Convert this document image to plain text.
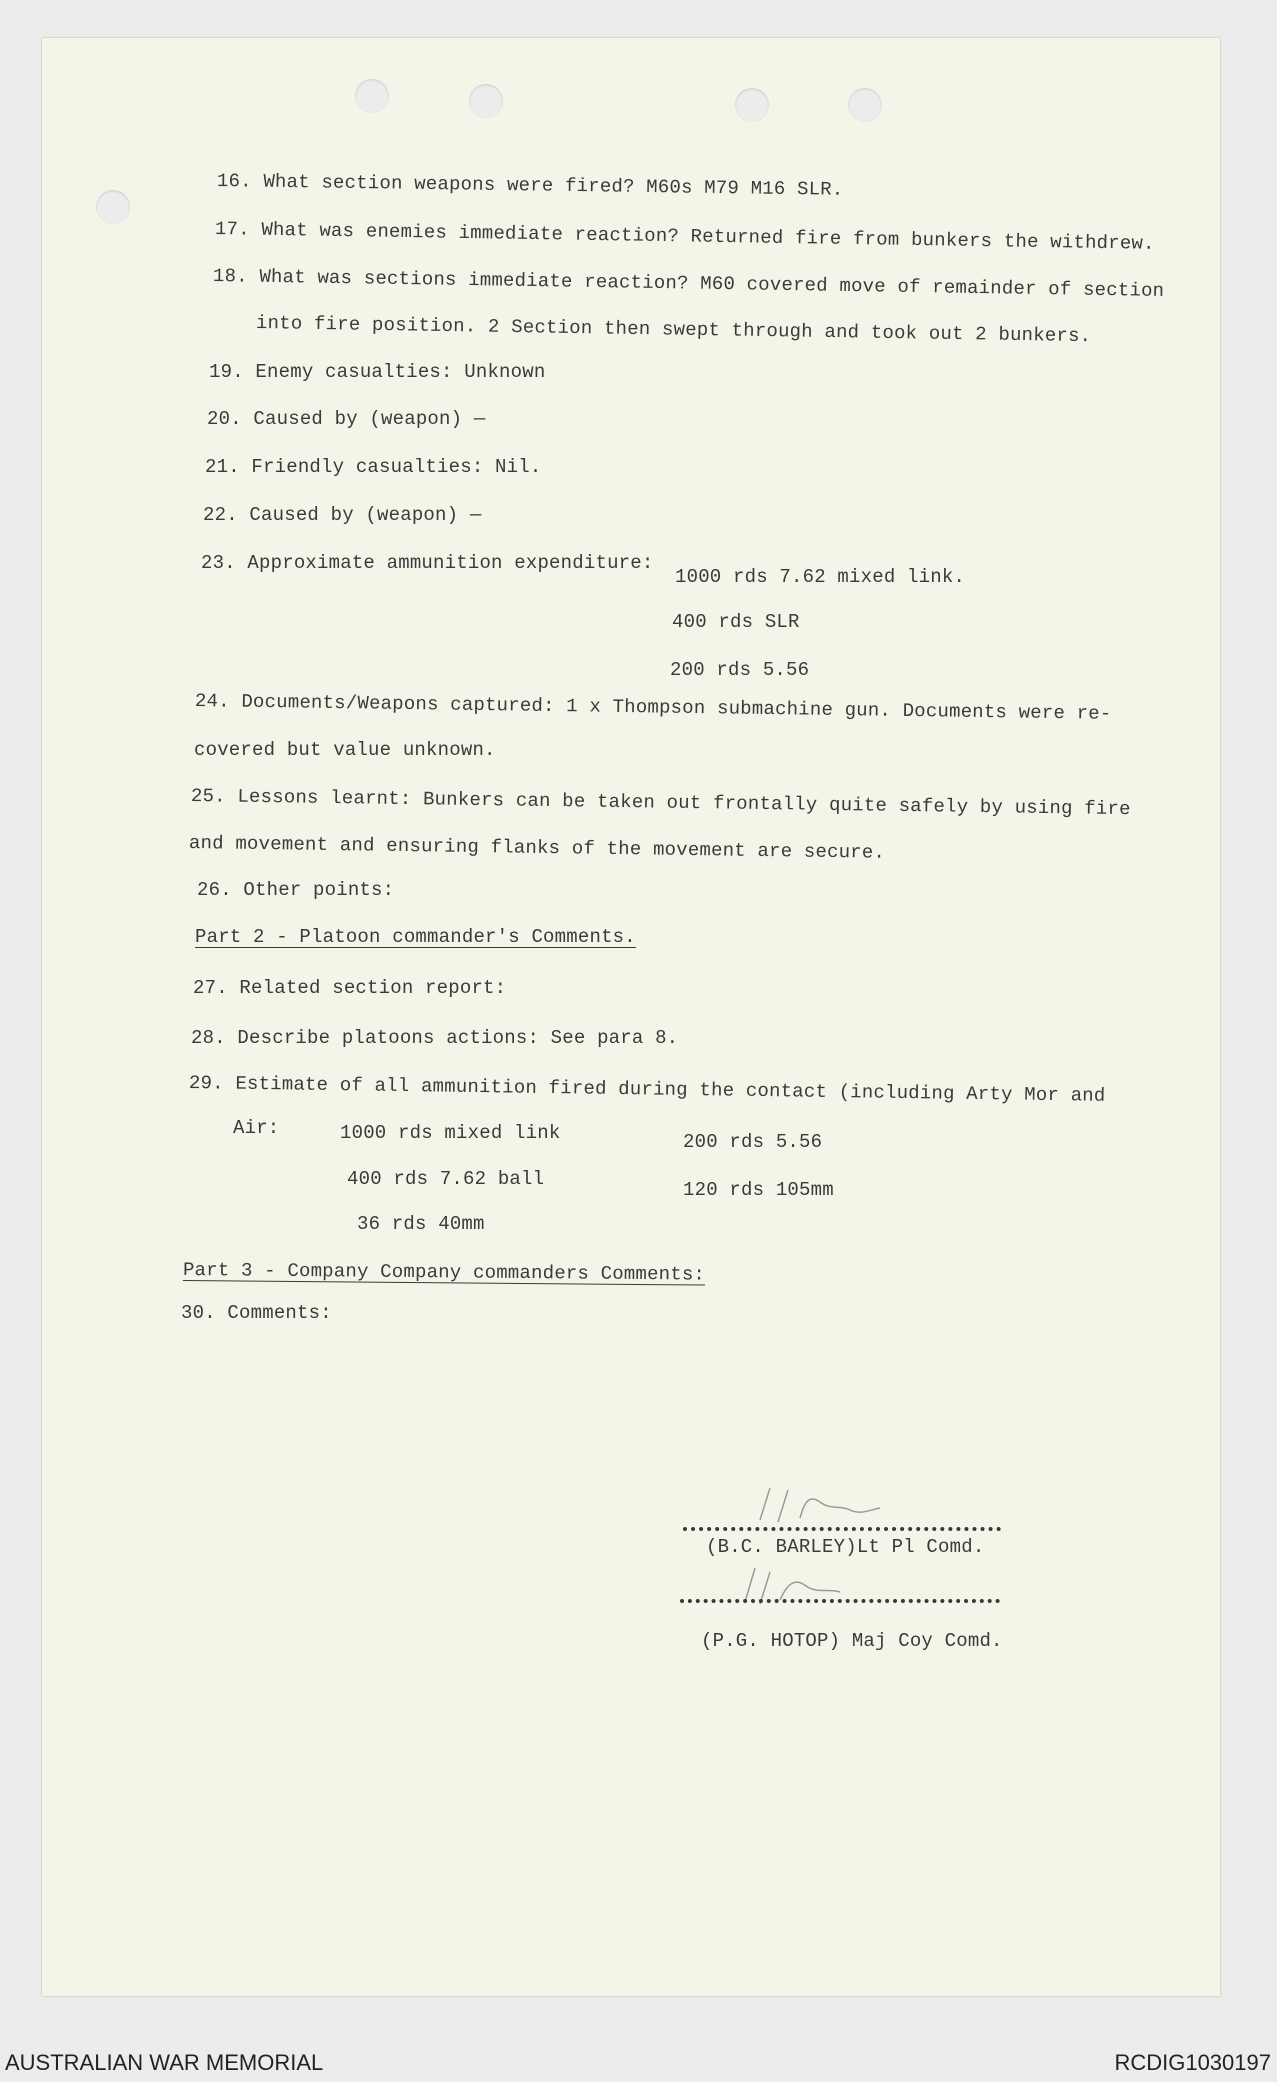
16. What section weapons were fired? M60s M79 M16 SLR.
17. What was enemies immediate reaction? Returned fire from bunkers the withdrew.
18. What was sections immediate reaction? M60 covered move of remainder of section
into fire position. 2 Section then swept through and took out 2 bunkers.
19. Enemy casualties: Unknown
20. Caused by (weapon) —
21. Friendly casualties: Nil.
22. Caused by (weapon) —
23. Approximate ammunition expenditure:
1000 rds 7.62 mixed link.
400 rds SLR
200 rds 5.56
24. Documents/Weapons captured: 1 x Thompson submachine gun. Documents were re-
covered but value unknown.
25. Lessons learnt: Bunkers can be taken out frontally quite safely by using fire
and movement and ensuring flanks of the movement are secure.
26. Other points:
Part 2 - Platoon commander's Comments.
27. Related section report:
28. Describe platoons actions: See para 8.
29. Estimate of all ammunition fired during the contact (including Arty Mor and
Air:	1000 rds mixed link	200 rds 5.56
400 rds 7.62 ball	120 rds 105mm
36 rds 40mm
Part 3 - Company Company commanders Comments:
30. Comments:
(B.C. BARLEY)Lt Pl Comd.
(P.G. HOTOP) Maj Coy Comd.
AUSTRALIAN WAR MEMORIAL	RCDIG1030197
